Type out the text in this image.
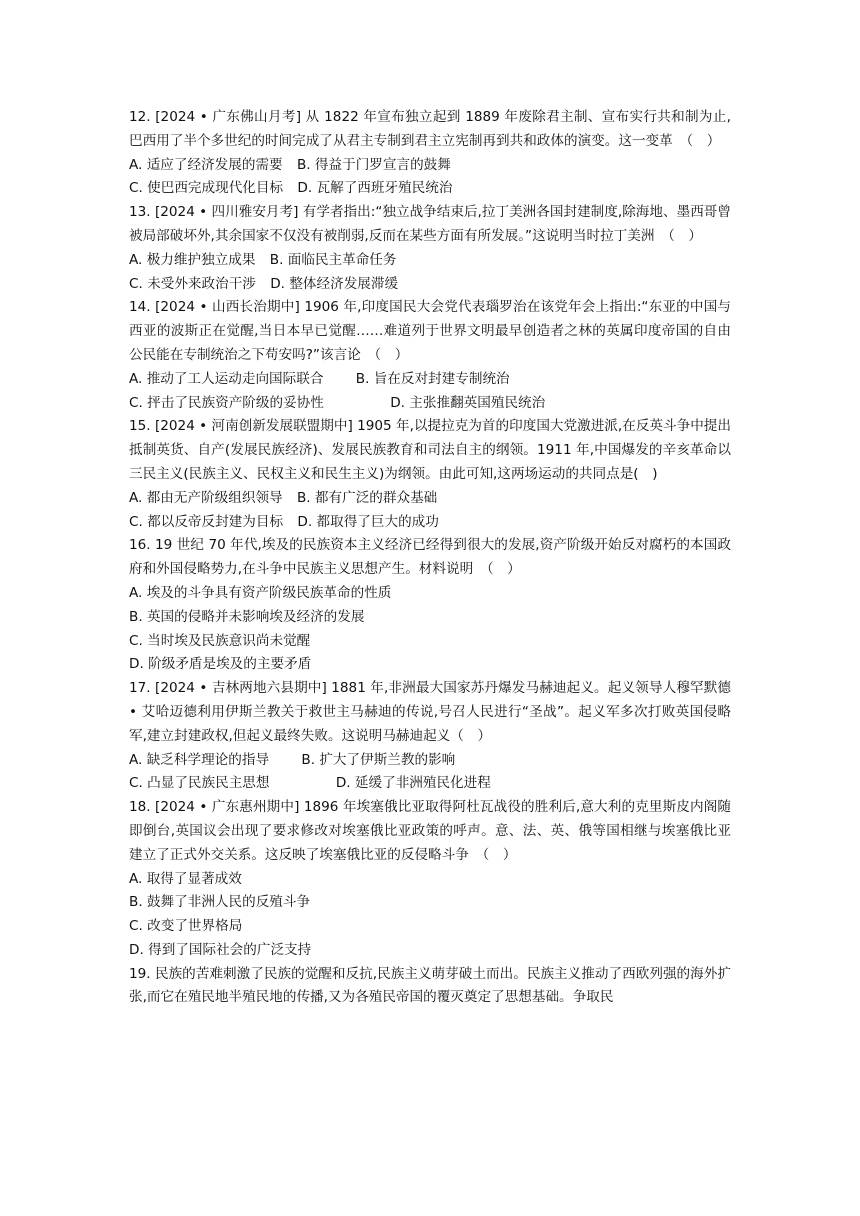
12. [2024 • 广东佛山月考] 从 1822 年宣布独立起到 1889 年废除君主制、宣布实行共和制为止,巴西用了半个多世纪的时间完成了从君主专制到君主立宪制再到共和政体的演变。这一变革　（　）
A. 适应了经济发展的需要 B. 得益于门罗宣言的鼓舞
C. 使巴西完成现代化目标 D. 瓦解了西班牙殖民统治
13. [2024 • 四川雅安月考] 有学者指出:“独立战争结束后,拉丁美洲各国封建制度,除海地、墨西哥曾被局部破坏外,其余国家不仅没有被削弱,反而在某些方面有所发展。”这说明当时拉丁美洲　（　）
A. 极力维护独立成果 B. 面临民主革命任务
C. 未受外来政治干涉 D. 整体经济发展滞缓
14. [2024 • 山西长治期中] 1906 年,印度国民大会党代表瑙罗治在该党年会上指出:“东亚的中国与西亚的波斯正在觉醒,当日本早已觉醒……难道列于世界文明最早创造者之林的英属印度帝国的自由公民能在专制统治之下苟安吗?”该言论　（　）
A. 推动了工人运动走向国际联合 B. 旨在反对封建专制统治
C. 抨击了民族资产阶级的妥协性	D. 主张推翻英国殖民统治
15. [2024 • 河南创新发展联盟期中] 1905 年,以提拉克为首的印度国大党激进派,在反英斗争中提出抵制英货、自产(发展民族经济)、发展民族教育和司法自主的纲领。1911 年,中国爆发的辛亥革命以三民主义(民族主义、民权主义和民生主义)为纲领。由此可知,这两场运动的共同点是(　)
A. 都由无产阶级组织领导 B. 都有广泛的群众基础
C. 都以反帝反封建为目标 D. 都取得了巨大的成功
16. 19 世纪 70 年代,埃及的民族资本主义经济已经得到很大的发展,资产阶级开始反对腐朽的本国政府和外国侵略势力,在斗争中民族主义思想产生。材料说明　（　）
A. 埃及的斗争具有资产阶级民族革命的性质
B. 英国的侵略并未影响埃及经济的发展
C. 当时埃及民族意识尚未觉醒
D. 阶级矛盾是埃及的主要矛盾
17. [2024 • 吉林两地六县期中] 1881 年,非洲最大国家苏丹爆发马赫迪起义。起义领导人穆罕默德 • 艾哈迈德利用伊斯兰教关于救世主马赫迪的传说,号召人民进行“圣战”。起义军多次打败英国侵略军,建立封建政权,但起义最终失败。这说明马赫迪起义（　）
A. 缺乏科学理论的指导 B. 扩大了伊斯兰教的影响
C. 凸显了民族民主思想	D. 延缓了非洲殖民化进程
18. [2024 • 广东惠州期中] 1896 年埃塞俄比亚取得阿杜瓦战役的胜利后,意大利的克里斯皮内阁随即倒台,英国议会出现了要求修改对埃塞俄比亚政策的呼声。意、法、英、俄等国相继与埃塞俄比亚建立了正式外交关系。这反映了埃塞俄比亚的反侵略斗争　（　）
A. 取得了显著成效
B. 鼓舞了非洲人民的反殖斗争
C. 改变了世界格局
D. 得到了国际社会的广泛支持
19. 民族的苦难刺激了民族的觉醒和反抗,民族主义萌芽破土而出。民族主义推动了西欧列强的海外扩张,而它在殖民地半殖民地的传播,又为各殖民帝国的覆灭奠定了思想基础。争取民
